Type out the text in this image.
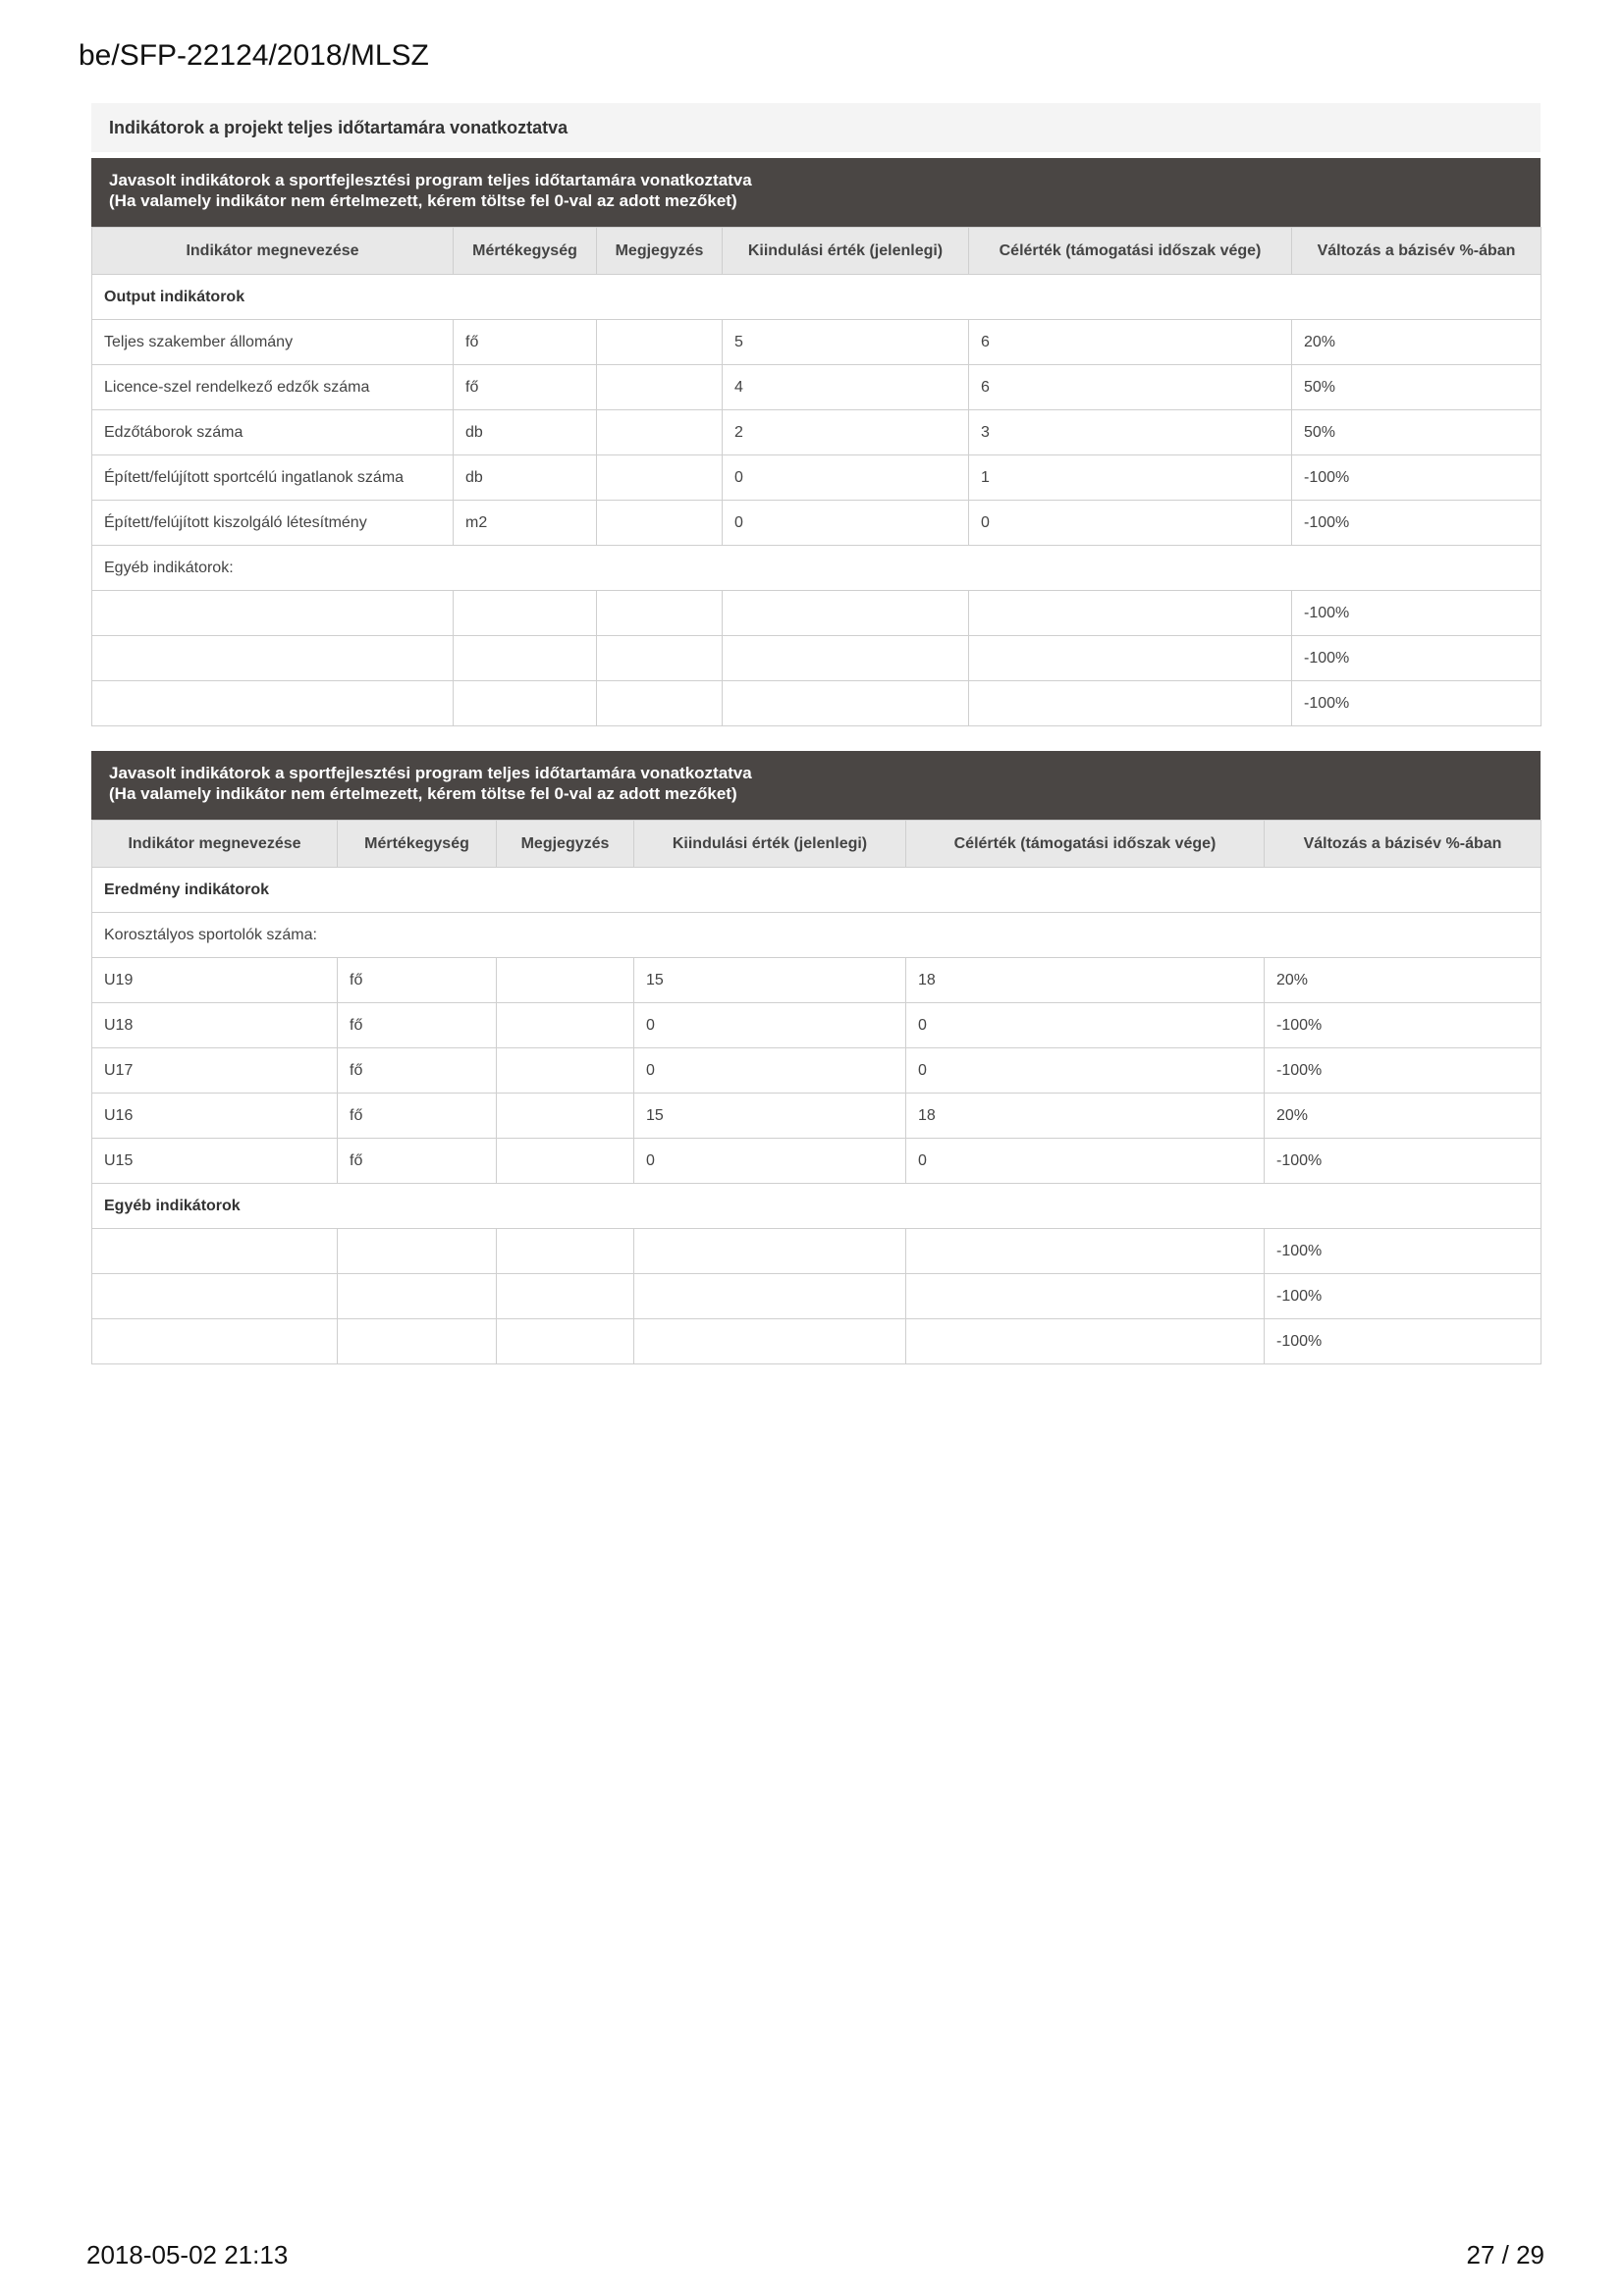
be/SFP-22124/2018/MLSZ
Indikátorok a projekt teljes időtartamára vonatkoztatva
Javasolt indikátorok a sportfejlesztési program teljes időtartamára vonatkoztatva
(Ha valamely indikátor nem értelmezett, kérem töltse fel 0-val az adott mezőket)
Indikátor megnevezése	Mértékegység	Megjegyzés	Kiindulási érték (jelenlegi)	Célérték (támogatási időszak vége)	Változás a bázisév %-ában
Output indikátorok					
Teljes szakember állomány	fő		5	6	20%
Licence-szel rendelkező edzők száma	fő		4	6	50%
Edzőtáborok száma	db		2	3	50%
Épített/felújított sportcélú ingatlanok száma	db		0	1	-100%
Épített/felújított kiszolgáló létesítmény	m2		0	0	-100%
Egyéb indikátorok:					
					-100%
					-100%
					-100%
Javasolt indikátorok a sportfejlesztési program teljes időtartamára vonatkoztatva
(Ha valamely indikátor nem értelmezett, kérem töltse fel 0-val az adott mezőket)
Indikátor megnevezése	Mértékegység	Megjegyzés	Kiindulási érték (jelenlegi)	Célérték (támogatási időszak vége)	Változás a bázisév %-ában
Eredmény indikátorok					
Korosztályos sportolók száma:					
U19	fő		15	18	20%
U18	fő		0	0	-100%
U17	fő		0	0	-100%
U16	fő		15	18	20%
U15	fő		0	0	-100%
Egyéb indikátorok					
					-100%
					-100%
					-100%
2018-05-02 21:13	27 / 29
